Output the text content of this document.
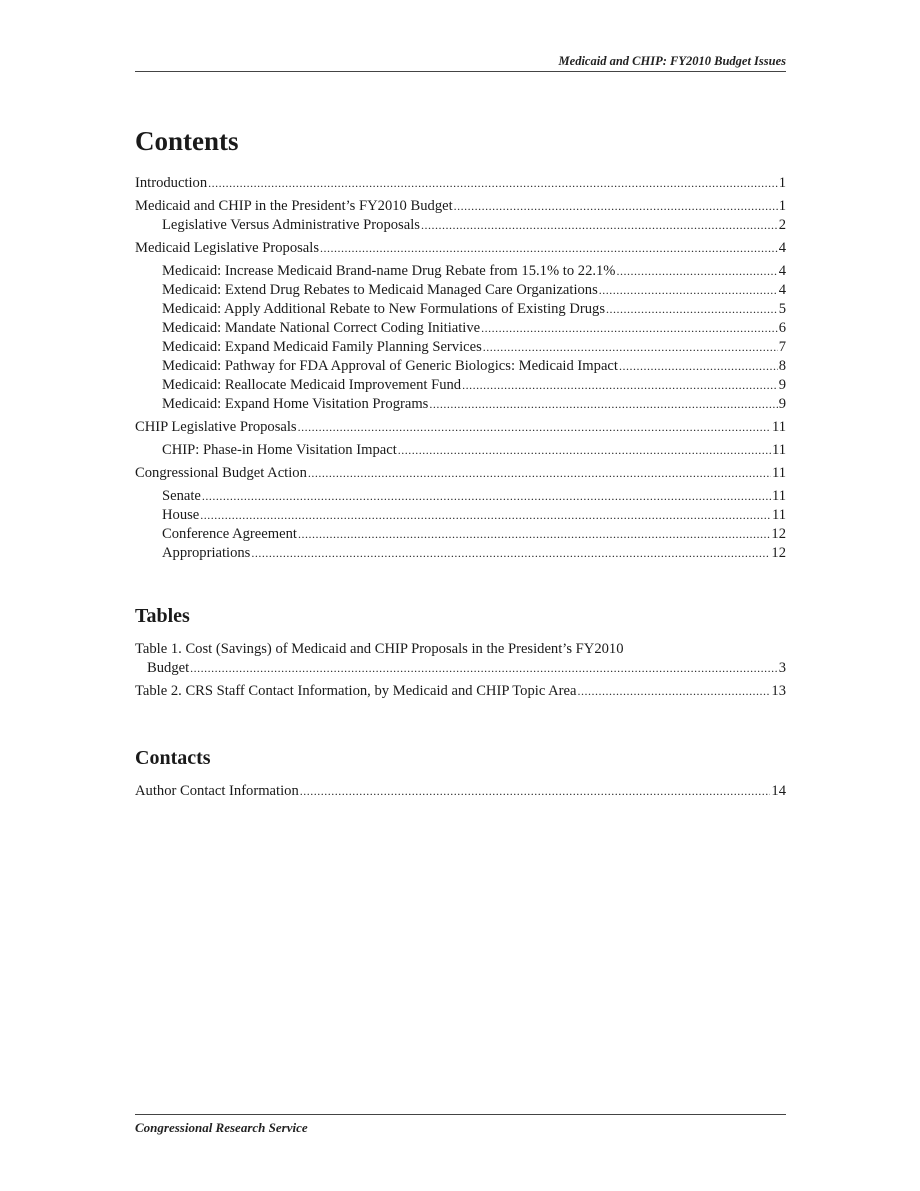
Medicaid and CHIP: FY2010 Budget Issues
Contents
Introduction .....	1
Medicaid and CHIP in the President’s FY2010 Budget .....	1
Legislative Versus Administrative Proposals .....	2
Medicaid Legislative Proposals .....	4
Medicaid: Increase Medicaid Brand-name Drug Rebate from 15.1% to 22.1% .....	4
Medicaid: Extend Drug Rebates to Medicaid Managed Care Organizations .....	4
Medicaid: Apply Additional Rebate to New Formulations of Existing Drugs .....	5
Medicaid: Mandate National Correct Coding Initiative .....	6
Medicaid: Expand Medicaid Family Planning Services .....	7
Medicaid: Pathway for FDA Approval of Generic Biologics: Medicaid Impact .....	8
Medicaid: Reallocate Medicaid Improvement Fund .....	9
Medicaid: Expand Home Visitation Programs .....	9
CHIP Legislative Proposals .....	11
CHIP: Phase-in Home Visitation Impact .....	11
Congressional Budget Action .....	11
Senate .....	11
House .....	11
Conference Agreement .....	12
Appropriations .....	12
Tables
Table 1. Cost (Savings) of Medicaid and CHIP Proposals in the President’s FY2010
Budget .....	3
Table 2. CRS Staff Contact Information, by Medicaid and CHIP Topic Area .....	13
Contacts
Author Contact Information .....	14
Congressional Research Service
